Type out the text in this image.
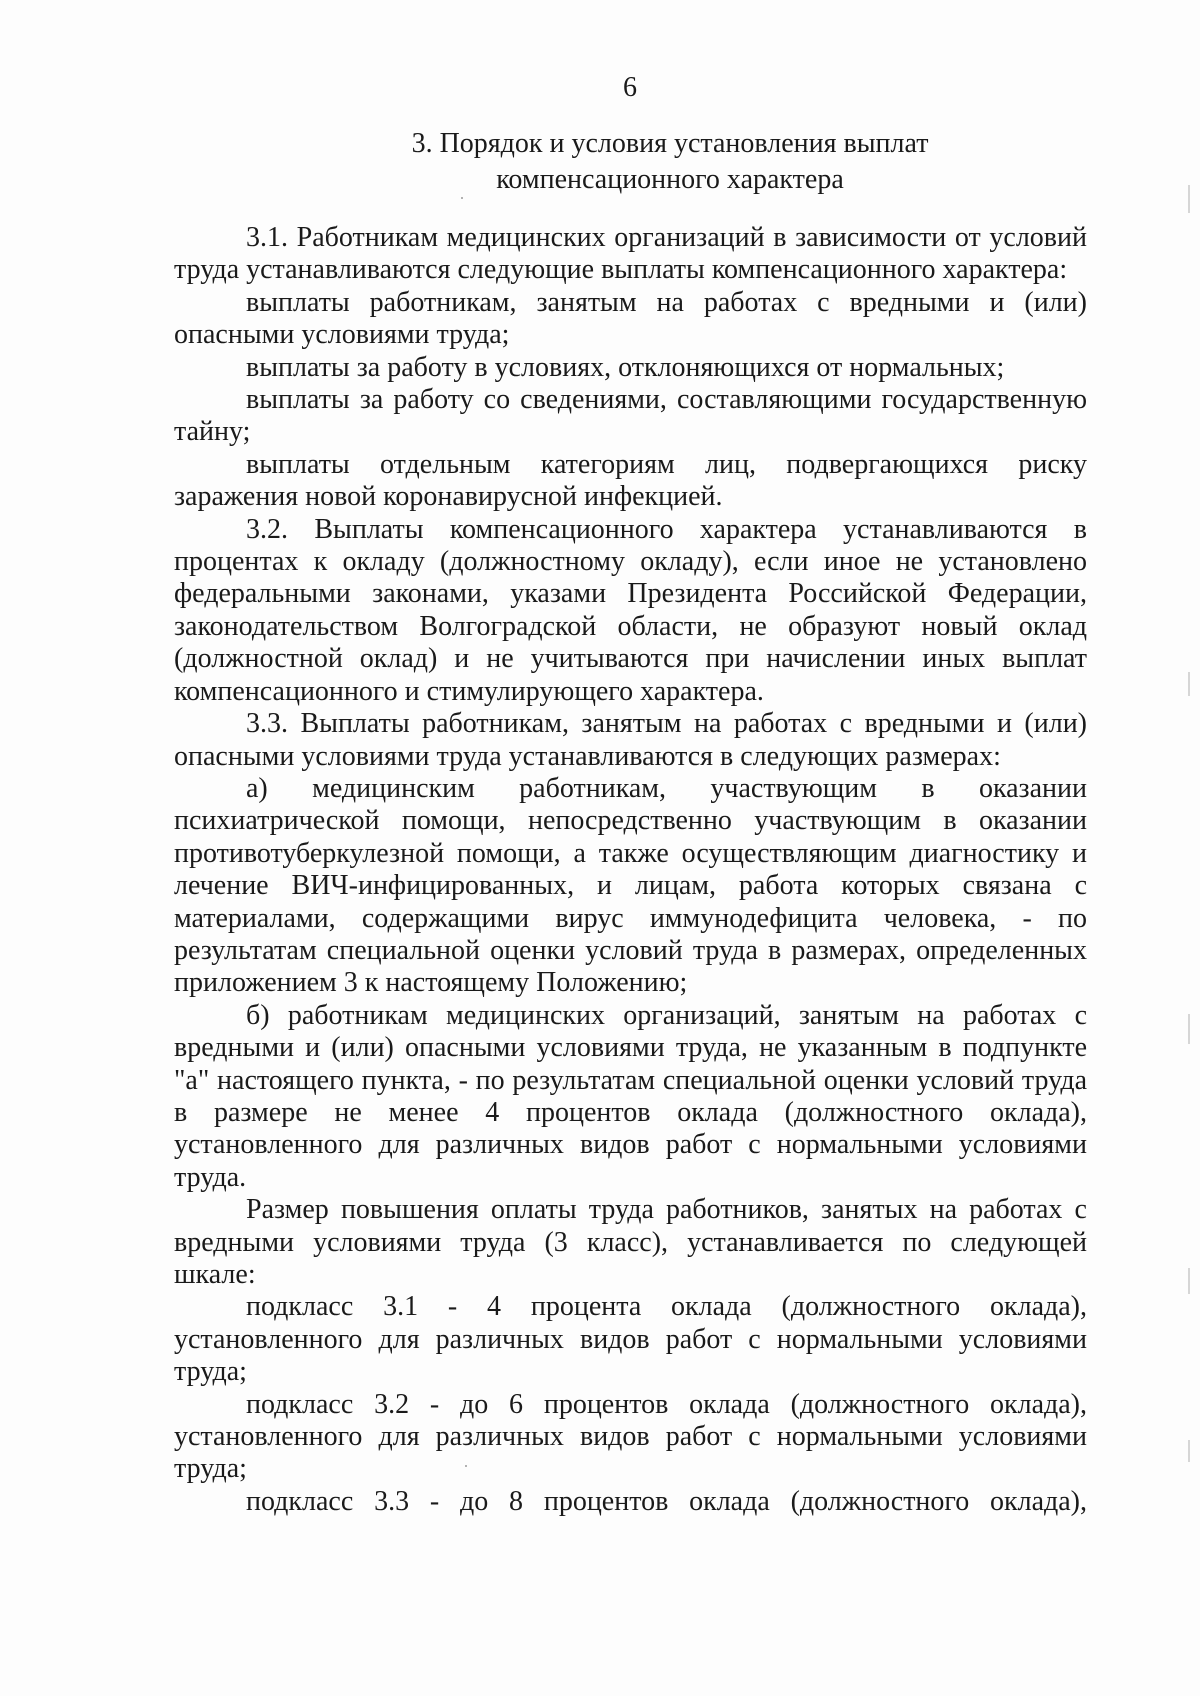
6
3. Порядок и условия установления выплат
компенсационного характера

3.1. Работникам медицинских организаций в зависимости от условий труда устанавливаются следующие выплаты компенсационного характера:

выплаты работникам, занятым на работах с вредными и (или) опасными условиями труда;

выплаты за работу в условиях, отклоняющихся от нормальных;

выплаты за работу со сведениями, составляющими государственную тайну;

выплаты отдельным категориям лиц, подвергающихся риску заражения новой коронавирусной инфекцией.

3.2. Выплаты компенсационного характера устанавливаются в процентах к окладу (должностному окладу), если иное не установлено федеральными законами, указами Президента Российской Федерации, законодательством Волгоградской области, не образуют новый оклад (должностной оклад) и не учитываются при начислении иных выплат компенсационного и стимулирующего характера.

3.3. Выплаты работникам, занятым на работах с вредными и (или) опасными условиями труда устанавливаются в следующих размерах:

а) медицинским работникам, участвующим в оказании психиатрической помощи, непосредственно участвующим в оказании противотуберкулезной помощи, а также осуществляющим диагностику и лечение ВИЧ-инфицированных, и лицам, работа которых связана с материалами, содержащими вирус иммунодефицита человека, - по результатам специальной оценки условий труда в размерах, определенных приложением 3 к настоящему Положению;

б) работникам медицинских организаций, занятым на работах с вредными и (или) опасными условиями труда, не указанным в подпункте "а" настоящего пункта, - по результатам специальной оценки условий труда в размере не менее 4 процентов оклада (должностного оклада), установленного для различных видов работ с нормальными условиями труда.

Размер повышения оплаты труда работников, занятых на работах с вредными условиями труда (3 класс), устанавливается по следующей шкале:

подкласс 3.1 - 4 процента оклада (должностного оклада), установленного для различных видов работ с нормальными условиями труда;

подкласс 3.2 - до 6 процентов оклада (должностного оклада), установленного для различных видов работ с нормальными условиями труда;

подкласс 3.3 - до 8 процентов оклада (должностного оклада),
